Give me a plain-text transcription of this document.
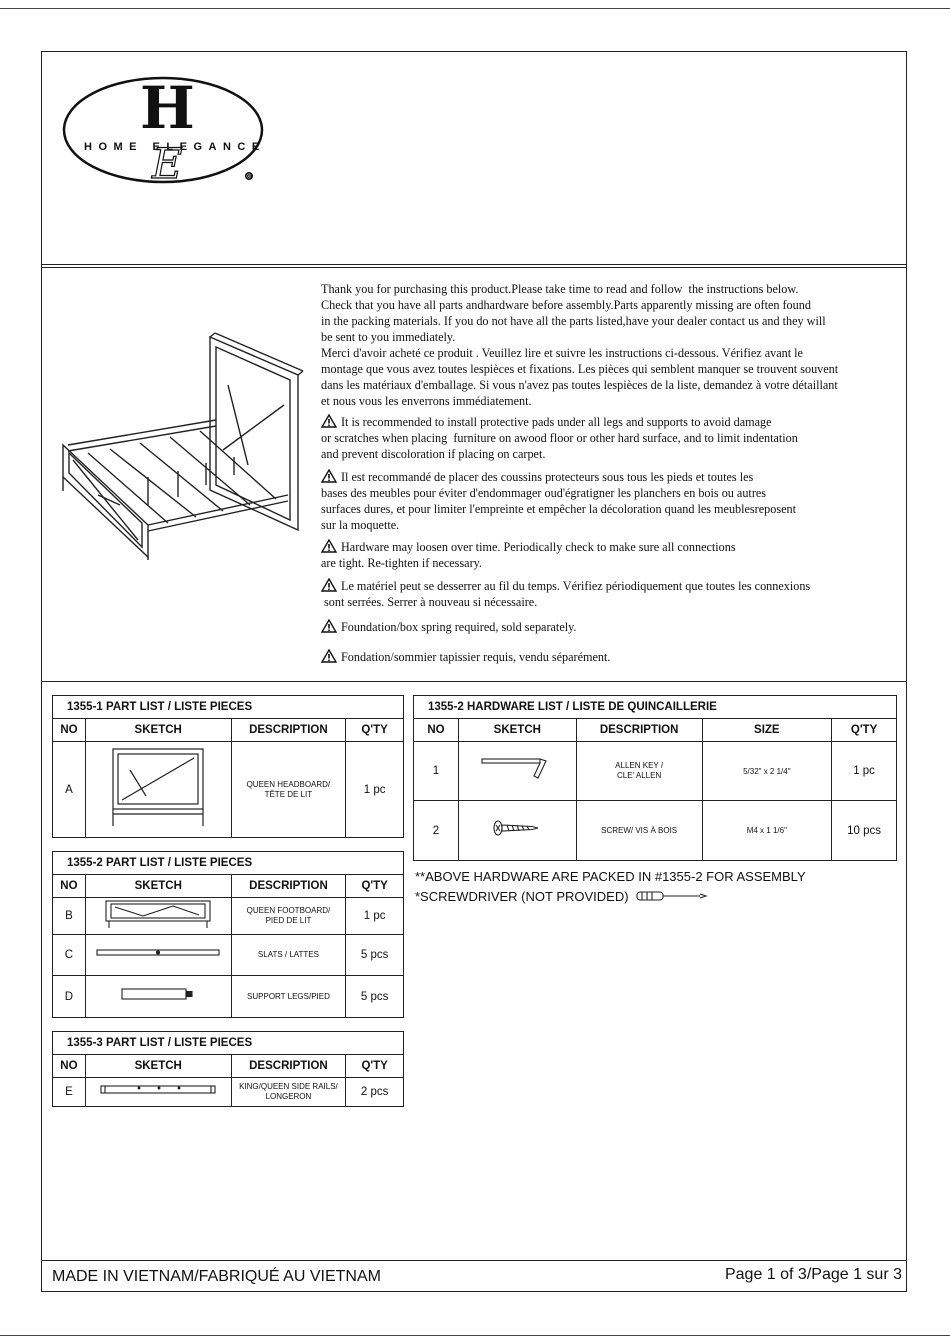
H
E
HOME ELEGANCE
®

Thank you for purchasing this product.Please take time to read and follow  the instructions below.

Check that you have all parts andhardware before assembly.Parts apparently missing are often found

in the packing materials. If you do not have all the parts listed,have your dealer contact us and they will

be sent to you immediately.

Merci d'avoir acheté ce produit . Veuillez lire et suivre les instructions ci-dessous. Vérifiez avant le

montage que vous avez toutes lespièces et fixations. Les pièces qui semblent manquer se trouvent souvent

dans les matériaux d'emballage. Si vous n'avez pas toutes lespièces de la liste, demandez à votre détaillant

et nous vous les enverrons immédiatement.

It is recommended to install protective pads under all legs and supports to avoid damage

or scratches when placing  furniture on awood floor or other hard surface, and to limit indentation

and prevent discoloration if placing on carpet.

Il est recommandé de placer des coussins protecteurs sous tous les pieds et toutes les

bases des meubles pour éviter d'endommager oud'égratigner les planchers en bois ou autres

surfaces dures, et pour limiter l'empreinte et empêcher la décoloration quand les meublesreposent

sur la moquette.

Hardware may loosen over time. Periodically check to make sure all connections

are tight. Re-tighten if necessary.

Le matériel peut se desserrer au fil du temps. Vérifiez périodiquement que toutes les connexions

sont serrées. Serrer à nouveau si nécessaire.

Foundation/box spring required, sold separately.

Fondation/sommier tapissier requis, vendu séparément.

1355-1 PART LIST / LISTE PIECES			
NO	SKETCH	DESCRIPTION	Q'TY
A		QUEEN HEADBOARD/
TÊTE DE LIT	1 pc
1355-2 PART LIST / LISTE PIECES			
NO	SKETCH	DESCRIPTION	Q'TY
B		QUEEN FOOTBOARD/
PIED DE LIT	1 pc
C		SLATS / LATTES	5 pcs
D		SUPPORT LEGS/PIED	5 pcs
1355-3 PART LIST / LISTE PIECES			
NO	SKETCH	DESCRIPTION	Q'TY
E		KING/QUEEN SIDE RAILS/
LONGERON	2 pcs
1355-2 HARDWARE LIST / LISTE DE QUINCAILLERIE				
NO	SKETCH	DESCRIPTION	SIZE	Q'TY
1		ALLEN KEY /
CLE' ALLEN	5/32" x 2 1/4"	1 pc
2		SCREW/ VIS À BOIS	M4 x 1 1/6"	10 pcs
**ABOVE HARDWARE ARE PACKED IN #1355-2 FOR ASSEMBLY
*SCREWDRIVER (NOT PROVIDED)
MADE IN VIETNAM/FABRIQUÉ AU VIETNAM	Page 1 of 3/Page 1 sur 3
